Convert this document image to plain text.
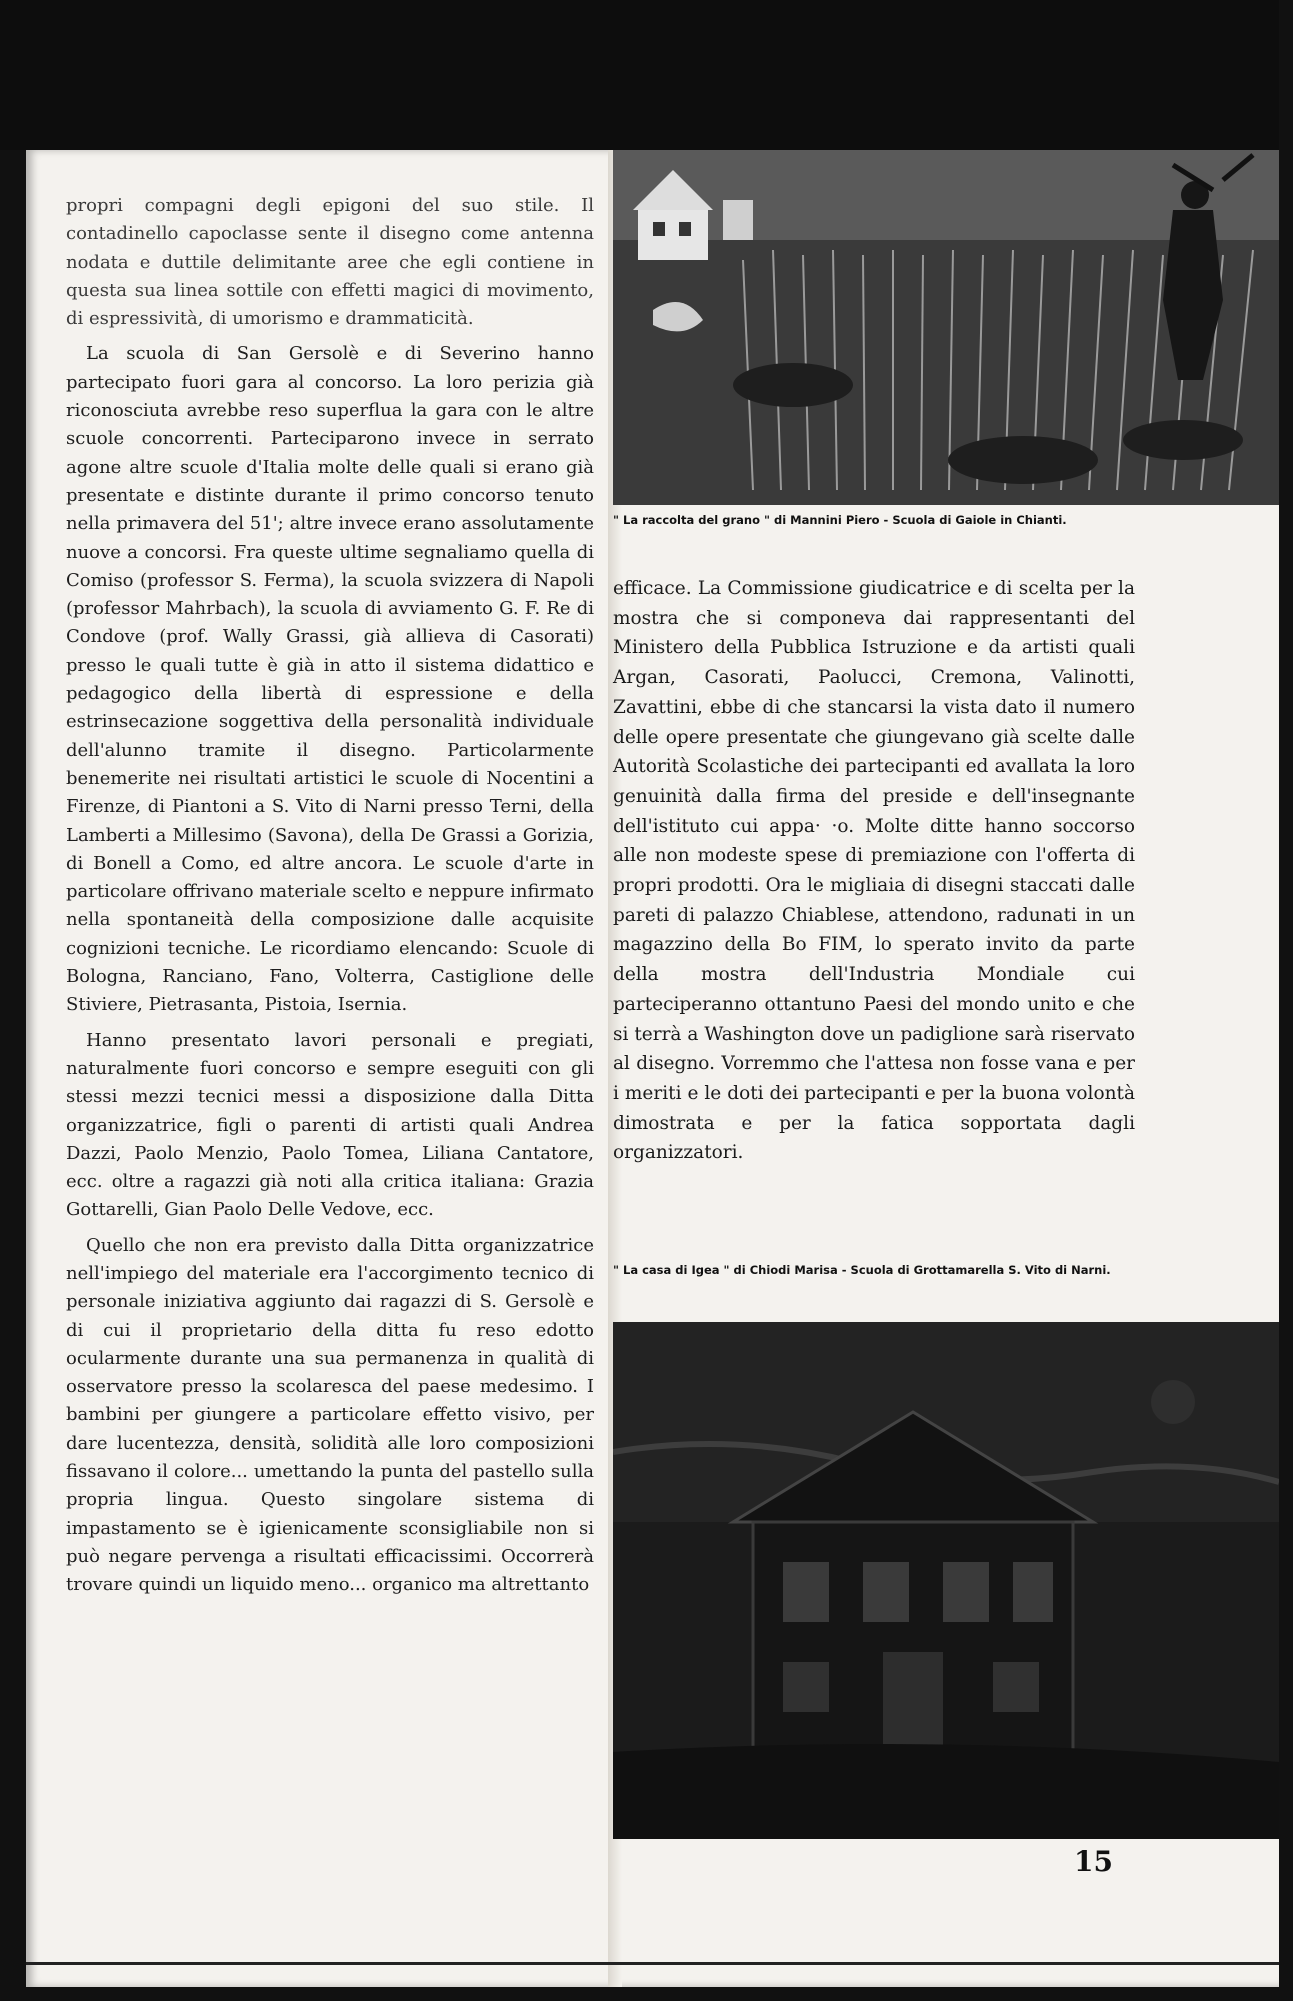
propri compagni degli epigoni del suo stile. Il contadinello capoclasse sente il disegno come antenna nodata e duttile delimitante aree che egli contiene in questa sua linea sottile con effetti magici di movimento, di espressività, di umorismo e drammaticità.

La scuola di San Gersolè e di Severino hanno partecipato fuori gara al concorso. La loro perizia già riconosciuta avrebbe reso superflua la gara con le altre scuole concorrenti. Parteciparono invece in serrato agone altre scuole d'Italia molte delle quali si erano già presentate e distinte durante il primo concorso tenuto nella primavera del 51'; altre invece erano assolutamente nuove a concorsi. Fra queste ultime segnaliamo quella di Comiso (professor S. Ferma), la scuola svizzera di Napoli (professor Mahrbach), la scuola di avviamento G. F. Re di Condove (prof. Wally Grassi, già allieva di Casorati) presso le quali tutte è già in atto il sistema didattico e pedagogico della libertà di espressione e della estrinsecazione soggettiva della personalità individuale dell'alunno tramite il disegno. Particolarmente benemerite nei risultati artistici le scuole di Nocentini a Firenze, di Piantoni a S. Vito di Narni presso Terni, della Lamberti a Millesimo (Savona), della De Grassi a Gorizia, di Bonell a Como, ed altre ancora. Le scuole d'arte in particolare offrivano materiale scelto e neppure infirmato nella spontaneità della composizione dalle acquisite cognizioni tecniche. Le ricordiamo elencando: Scuole di Bologna, Ranciano, Fano, Volterra, Castiglione delle Stiviere, Pietrasanta, Pistoia, Isernia.

Hanno presentato lavori personali e pregiati, naturalmente fuori concorso e sempre eseguiti con gli stessi mezzi tecnici messi a disposizione dalla Ditta organizzatrice, figli o parenti di artisti quali Andrea Dazzi, Paolo Menzio, Paolo Tomea, Liliana Cantatore, ecc. oltre a ragazzi già noti alla critica italiana: Grazia Gottarelli, Gian Paolo Delle Vedove, ecc.

Quello che non era previsto dalla Ditta organizzatrice nell'impiego del materiale era l'accorgimento tecnico di personale iniziativa aggiunto dai ragazzi di S. Gersolè e di cui il proprietario della ditta fu reso edotto ocularmente durante una sua permanenza in qualità di osservatore presso la scolaresca del paese medesimo. I bambini per giungere a particolare effetto visivo, per dare lucentezza, densità, solidità alle loro composizioni fissavano il colore... umettando la punta del pastello sulla propria lingua. Questo singolare sistema di impastamento se è igienicamente sconsigliabile non si può negare pervenga a risultati efficacissimi. Occorrerà trovare quindi un liquido meno... organico ma altrettanto

" La raccolta del grano " di Mannini Piero - Scuola di Gaiole in Chianti.
efficace. La Commissione giudicatrice e di scelta per la mostra che si componeva dai rappresentanti del Ministero della Pubblica Istruzione e da artisti quali Argan, Casorati, Paolucci, Cremona, Valinotti, Zavattini, ebbe di che stancarsi la vista dato il numero delle opere presentate che giungevano già scelte dalle Autorità Scolastiche dei partecipanti ed avallata la loro genuinità dalla firma del preside e dell'insegnante dell'istituto cui appa· ·o. Molte ditte hanno soccorso alle non modeste spese di premiazione con l'offerta di propri prodotti. Ora le migliaia di disegni staccati dalle pareti di palazzo Chiablese, attendono, radunati in un magazzino della Bo FIM, lo sperato invito da parte della mostra dell'Industria Mondiale cui parteciperanno ottantuno Paesi del mondo unito e che si terrà a Washington dove un padiglione sarà riservato al disegno. Vorremmo che l'attesa non fosse vana e per i meriti e le doti dei partecipanti e per la buona volontà dimostrata e per la fatica sopportata dagli organizzatori.
" La casa di Igea " di Chiodi Marisa - Scuola di Grottamarella S. Vito di Narni.
15
